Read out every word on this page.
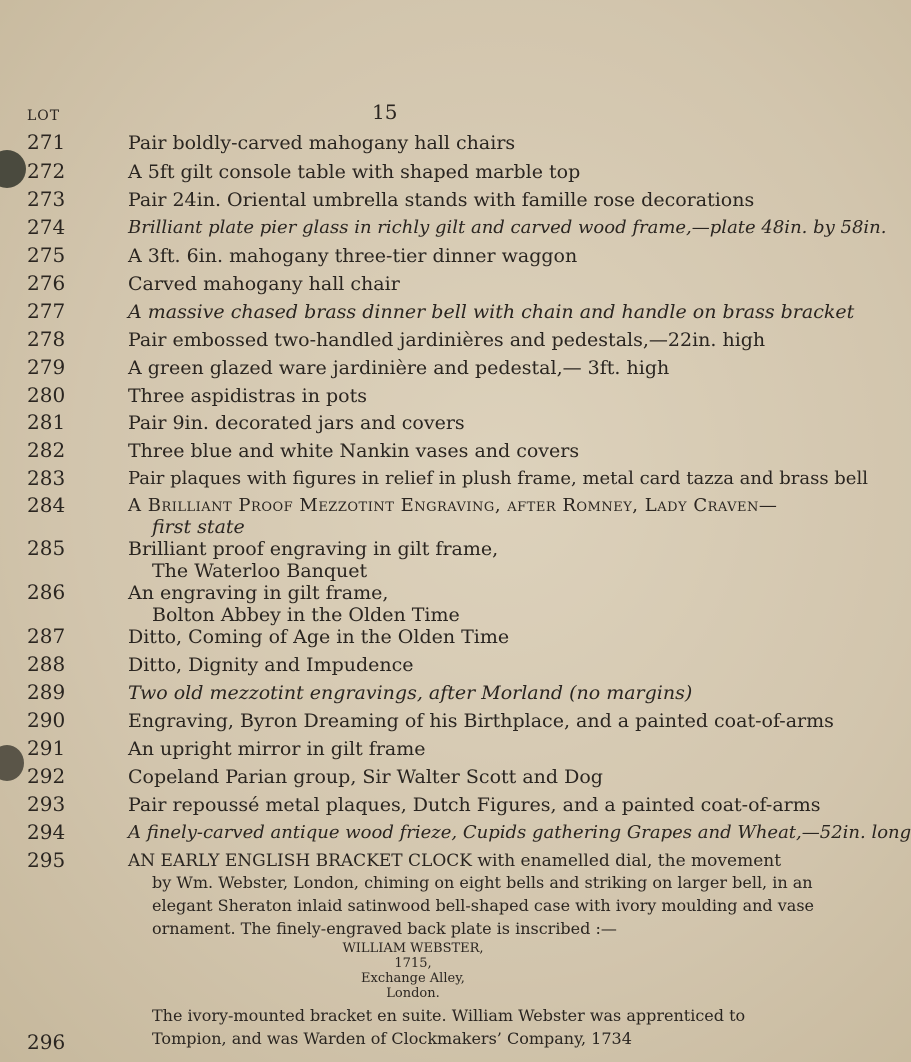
15
LOT
271	Pair boldly-carved mahogany hall chairs
272	A 5ft gilt console table with shaped marble top
273	Pair 24in. Oriental umbrella stands with famille rose decorations
274	Brilliant plate pier glass in richly gilt and carved wood frame,—plate 48in. by 58in.
275	A 3ft. 6in. mahogany three-tier dinner waggon
276	Carved mahogany hall chair
277	A massive chased brass dinner bell with chain and handle on brass bracket
278	Pair embossed two-handled jardinières and pedestals,—22in. high
279	A green glazed ware jardinière and pedestal,— 3ft. high
280	Three aspidistras in pots
281	Pair 9in. decorated jars and covers
282	Three blue and white Nankin vases and covers
283	Pair plaques with figures in relief in plush frame, metal card tazza and brass bell
284	A Brilliant Proof Mezzotint Engraving, after Romney, Lady Craven—
first state
285	Brilliant proof engraving in gilt frame,
The Waterloo Banquet
286	An engraving in gilt frame,
Bolton Abbey in the Olden Time
287	Ditto, Coming of Age in the Olden Time
288	Ditto, Dignity and Impudence
289	Two old mezzotint engravings, after Morland (no margins)
290	Engraving, Byron Dreaming of his Birthplace, and a painted coat-of-arms
291	An upright mirror in gilt frame
292	Copeland Parian group, Sir Walter Scott and Dog
293	Pair repoussé metal plaques, Dutch Figures, and a painted coat-of-arms
294	A finely-carved antique wood frieze, Cupids gathering Grapes and Wheat,—52in. long
295	AN EARLY ENGLISH BRACKET CLOCK with enamelled dial, the movement
by Wm. Webster, London, chiming on eight bells and striking on larger bell, in an
elegant Sheraton inlaid satinwood bell-shaped case with ivory moulding and vase
ornament. The finely-engraved back plate is inscribed :—
WILLIAM WEBSTER,
1715,
Exchange Alley,
London.
The ivory-mounted bracket en suite. William Webster was apprenticed to
Tompion, and was Warden of Clockmakers’ Company, 1734
296
